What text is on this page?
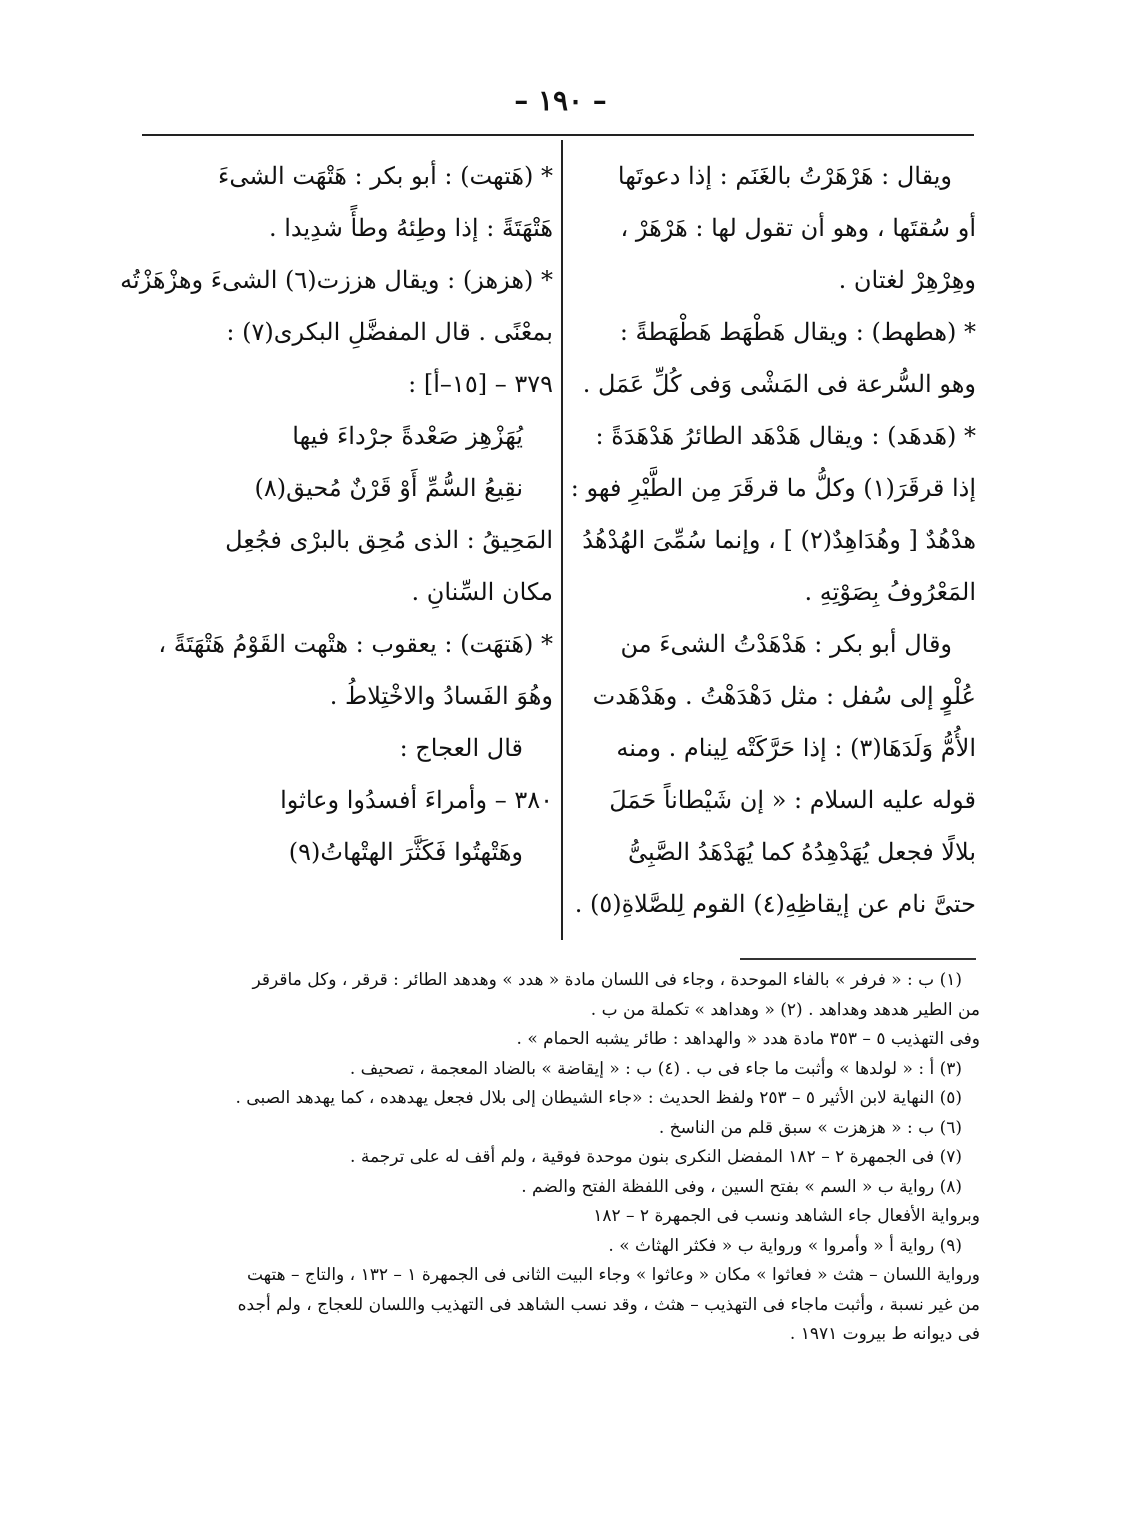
– ١٩٠ –
ويقال : هَرْهَرْتُ بالغَنَم : إذا دعوتَها
أو سُقتَها ، وهو أن تقول لها : هَرْهَرْ ،
وهِرْهِرْ لغتان .
* (هطهط) : ويقال هَطْهَط هَطْهَطةً :
وهو السُّرعة فى المَشْى وَفى كُلِّ عَمَل .
* (هَدهَد) : ويقال هَدْهَد الطائرُ هَدْهَدَةً :
إذا قرقَرَ(١) وكلُّ ما قرقَرَ مِن الطَّيْرِ فهو :
هدْهُدٌ [ وهُدَاهِدٌ(٢) ] ، وإنما سُمِّىَ الهُدْهُدُ
المَعْرُوفُ بِصَوْتِهِ .
وقال أبو بكر : هَدْهَدْتُ الشىءَ من
عُلْوٍ إلى سُفل : مثل دَهْدَهْتُ . وهَدْهَدت
الأُمُّ وَلَدَهَا(٣) : إذا حَرَّكَتْه لِينام . ومنه
قوله عليه السلام : « إن شَيْطاناً حَمَلَ
بلالًا فجعل يُهَدْهِدُهُ كما يُهَدْهَدُ الصَّبِىُّ
حتىَّ نام عن إيقاظِهِ(٤) القوم لِلصَّلاةِ(٥) .
* (هَتهت) : أبو بكر : هَتْهَت الشىءَ
هَتْهَتَةً : إذا وطِئهُ وطأً شدِيدا .
* (هزهز) : ويقال هززت(٦) الشىءَ وهزْهَزْتُه
بمعْنًى . قال المفضَّلِ البكرى(٧) :
٣٧٩ – [١٥–أ] :
يُهَزْهِز صَعْدةً جرْداءَ فيها
نقِيعُ السُّمِّ أَوْ قَرْنٌ مُحيق(٨)
المَحِيقُ : الذى مُحِق بالبرْى فجُعِل
مكان السِّنانِ .
* (هَتهَت) : يعقوب : هتْهت القَوْمُ هَتْهَتَةً ،
وهُوَ الفَسادُ والاخْتِلاطُ .
قال العجاج :
٣٨٠ – وأمراءَ أفسدُوا وعاثوا
وهَتْهتُوا فَكَثَّرَ الهتْهاتُ(٩)
(١) ب : « فرفر » بالفاء الموحدة ، وجاء فى اللسان مادة « هدد » وهدهد الطائر : قرقر ، وكل ماقرقر
من الطير هدهد وهداهد . (٢) « وهداهد » تكملة من ب .
وفى التهذيب ٥ – ٣٥٣ مادة هدد « والهداهد : طائر يشبه الحمام » .
(٣) أ : « لولدها » وأثبت ما جاء فى ب . (٤) ب : « إيقاضة » بالضاد المعجمة ، تصحيف .
(٥) النهاية لابن الأثير ٥ – ٢٥٣ ولفظ الحديث : «جاء الشيطان إلى بلال فجعل يهدهده ، كما يهدهد الصبى .
(٦) ب : « هزهزت » سبق قلم من الناسخ .
(٧) فى الجمهرة ٢ – ١٨٢ المفضل النكرى بنون موحدة فوقية ، ولم أقف له على ترجمة .
(٨) رواية ب « السم » بفتح السين ، وفى اللفظة الفتح والضم .
وبرواية الأفعال جاء الشاهد ونسب فى الجمهرة ٢ – ١٨٢
(٩) رواية أ « وأمروا » ورواية ب « فكثر الهثاث » .
ورواية اللسان – هثث « فعاثوا » مكان « وعاثوا » وجاء البيت الثانى فى الجمهرة ١ – ١٣٢ ، والتاج – هتهت
من غير نسبة ، وأثبت ماجاء فى التهذيب – هثث ، وقد نسب الشاهد فى التهذيب واللسان للعجاج ، ولم أجده
فى ديوانه ط بيروت ١٩٧١ .
